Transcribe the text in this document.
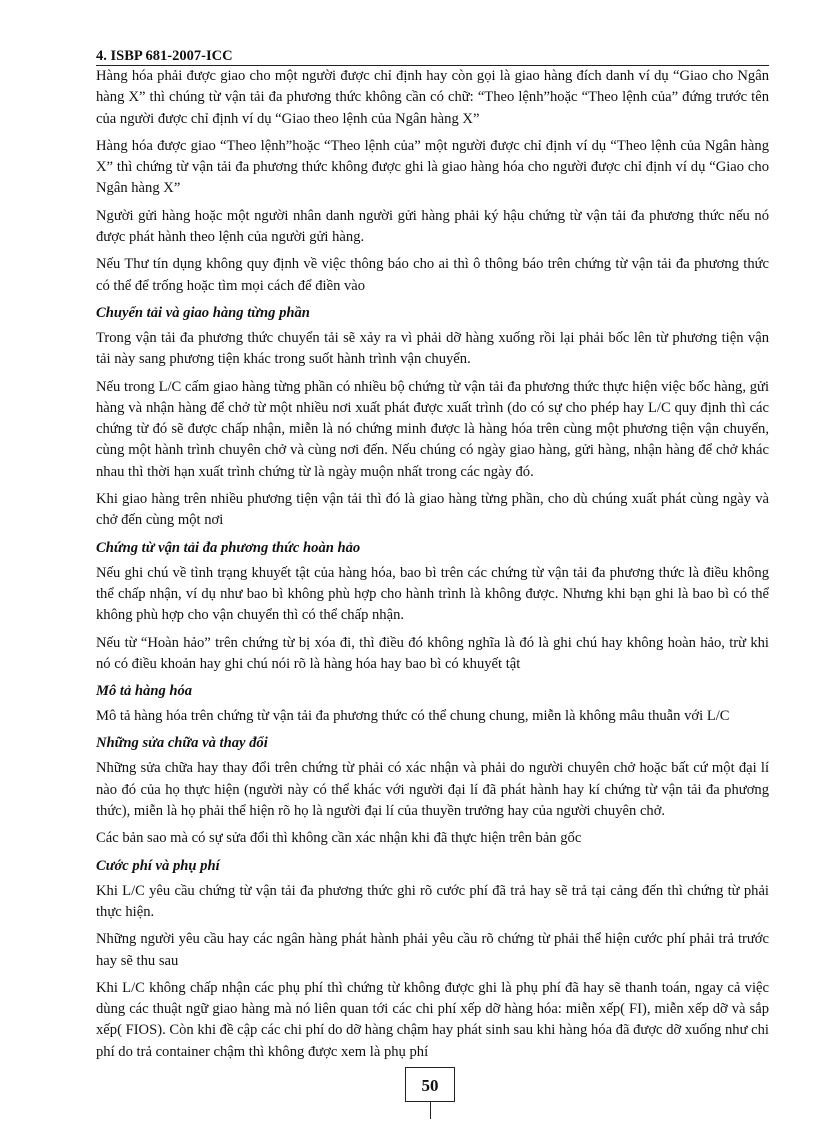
4. ISBP 681-2007-ICC

Hàng hóa phải được giao cho một người được chỉ định hay còn gọi là giao hàng đích danh ví dụ “Giao cho Ngân hàng X” thì chúng từ vận tải đa phương thức không cần có chữ: “Theo lệnh”hoặc “Theo lệnh của” đứng trước tên của người được chỉ định ví dụ “Giao theo lệnh của Ngân hàng X”

Hàng hóa được giao “Theo lệnh”hoặc “Theo lệnh của” một người được chỉ định ví dụ “Theo lệnh của Ngân hàng X” thì chứng từ vận tải đa phương thức không được ghi là giao hàng hóa cho người được chỉ định ví dụ “Giao cho Ngân hàng X”

Người gửi hàng hoặc một người nhân danh người gửi hàng phải ký hậu chứng từ vận tải đa phương thức nếu nó được phát hành theo lệnh của người gửi hàng.

Nếu Thư tín dụng không quy định về việc thông báo cho ai thì ô thông báo trên chứng từ vận tải đa phương thức có thể để trống hoặc tìm mọi cách để điền vào

Chuyển tải và giao hàng từng phần

Trong vận tải đa phương thức chuyển tải sẽ xảy ra vì phải dỡ hàng xuống rồi lại phải bốc lên từ phương tiện vận tải này sang phương tiện khác trong suốt hành trình vận chuyển.

Nếu trong L/C cấm giao hàng từng phần có nhiều bộ chứng từ vận tải đa phương thức thực hiện việc bốc hàng, gửi hàng và nhận hàng để chở từ một nhiều nơi xuất phát được xuất trình (do có sự cho phép hay L/C quy định thì các chứng từ đó sẽ được chấp nhận, miễn là nó chứng minh được là hàng hóa trên cùng một phương tiện vận chuyển, cùng một hành trình chuyên chở và cùng nơi đến. Nếu chúng có ngày giao hàng, gửi hàng, nhận hàng để chở khác nhau thì thời hạn xuất trình chứng từ là ngày muộn nhất trong các ngày đó.

Khi giao hàng trên nhiều phương tiện vận tải thì đó là giao hàng từng phần, cho dù chúng xuất phát cùng ngày và chở đến cùng một nơi

Chứng từ vận tải đa phương thức hoàn hảo

Nếu ghi chú về tình trạng khuyết tật của hàng hóa, bao bì trên các chứng từ vận tải đa phương thức là điều không thể chấp nhận, ví dụ như bao bì không phù hợp cho hành trình là không được. Nhưng khi bạn ghi là bao bì có thể không phù hợp cho vận chuyển thì có thể chấp nhận.

Nếu từ “Hoàn hảo” trên chứng từ bị xóa đi, thì điều đó không nghĩa là đó là ghi chú hay không hoàn hảo, trừ khi nó có điều khoản hay ghi chú nói rõ là hàng hóa hay bao bì có khuyết tật

Mô tả hàng hóa

Mô tả hàng hóa trên chứng từ vận tải đa phương thức có thể chung chung, miễn là không mâu thuẫn với L/C

Những sửa chữa và thay đổi

Những sửa chữa hay thay đổi trên chứng từ phải có xác nhận và phải do người chuyên chở hoặc bất cứ một đại lí nào đó của họ thực hiện (người này có thể khác với người đại lí đã phát hành hay kí chứng từ vận tải đa phương thức), miễn là họ phải thể hiện rõ họ là người đại lí của thuyền trưởng hay của người chuyên chở.

Các bản sao mà có sự sửa đổi thì không cần xác nhận khi đã thực hiện trên bản gốc

Cước phí và phụ phí

Khi L/C yêu cầu chứng từ vận tải đa phương thức ghi rõ cước phí đã trả hay sẽ trả tại cảng đến thì chứng từ phải thực hiện.

Những người yêu cầu hay các ngân hàng phát hành phải yêu cầu rõ chứng từ phải thể hiện cước phí phải trả trước hay sẽ thu sau

Khi L/C không chấp nhận các phụ phí thì chứng từ không được ghi là phụ phí đã hay sẽ thanh toán, ngay cả việc dùng các thuật ngữ giao hàng mà nó liên quan tới các chi phí xếp dỡ hàng hóa: miễn xếp( FI), miễn xếp dỡ và sắp xếp( FIOS). Còn khi đề cập các chi phí do dỡ hàng chậm hay phát sinh sau khi hàng hóa đã được dỡ xuống như chi phí do trả container chậm thì không được xem là phụ phí

50
